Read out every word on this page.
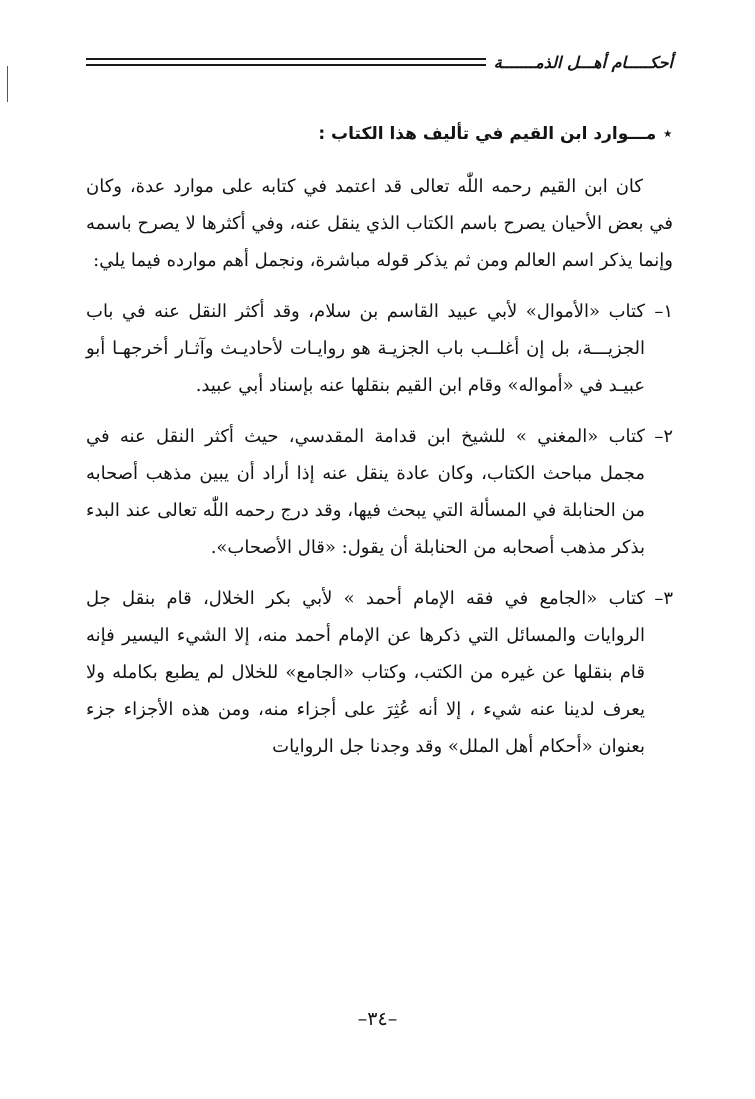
أحكـــــام أهـــل الذمـــــــة
⋆مـــوارد ابن القيم في تأليف هذا الكتاب :

كان ابن القيم رحمه اللّٰه تعالى قد اعتمد في كتابه على موارد عدة، وكان في بعض الأحيان يصرح باسم الكتاب الذي ينقل عنه، وفي أكثرها لا يصرح باسمه وإنما يذكر اسم العالم ومن ثم يذكر قوله مباشرة، ونجمل أهم موارده فيما يلي:

١–
كتاب «الأموال» لأبي عبيد القاسم بن سلام، وقد أكثر النقل عنه في باب الجزيـــة، بل إن أغلــب باب الجزيـة هو روايـات لأحاديـث وآثـار أخرجهـا أبو عبيـد في «أمواله» وقام ابن القيم بنقلها عنه بإسناد أبي عبيد.

٢–
كتاب «المغني » للشيخ ابن قدامة المقدسي، حيث أكثر النقل عنه في مجمل مباحث الكتاب، وكان عادة ينقل عنه إذا أراد أن يبين مذهب أصحابه من الحنابلة في المسألة التي يبحث فيها، وقد درج رحمه اللّٰه تعالى عند البدء بذكر مذهب أصحابه من الحنابلة أن يقول: «قال الأصحاب».

٣–
كتاب «الجامع في فقه الإمام أحمد » لأبي بكر الخلال، قام بنقل جل الروايات والمسائل التي ذكرها عن الإمام أحمد منه، إلا الشيء اليسير فإنه قام بنقلها عن غيره من الكتب، وكتاب «الجامع» للخلال لم يطبع بكامله ولا يعرف لدينا عنه شيء ، إلا أنه عُثِرَ على أجزاء منه، ومن هذه الأجزاء جزء بعنوان «أحكام أهل الملل» وقد وجدنا جل الروايات

–٣٤–
